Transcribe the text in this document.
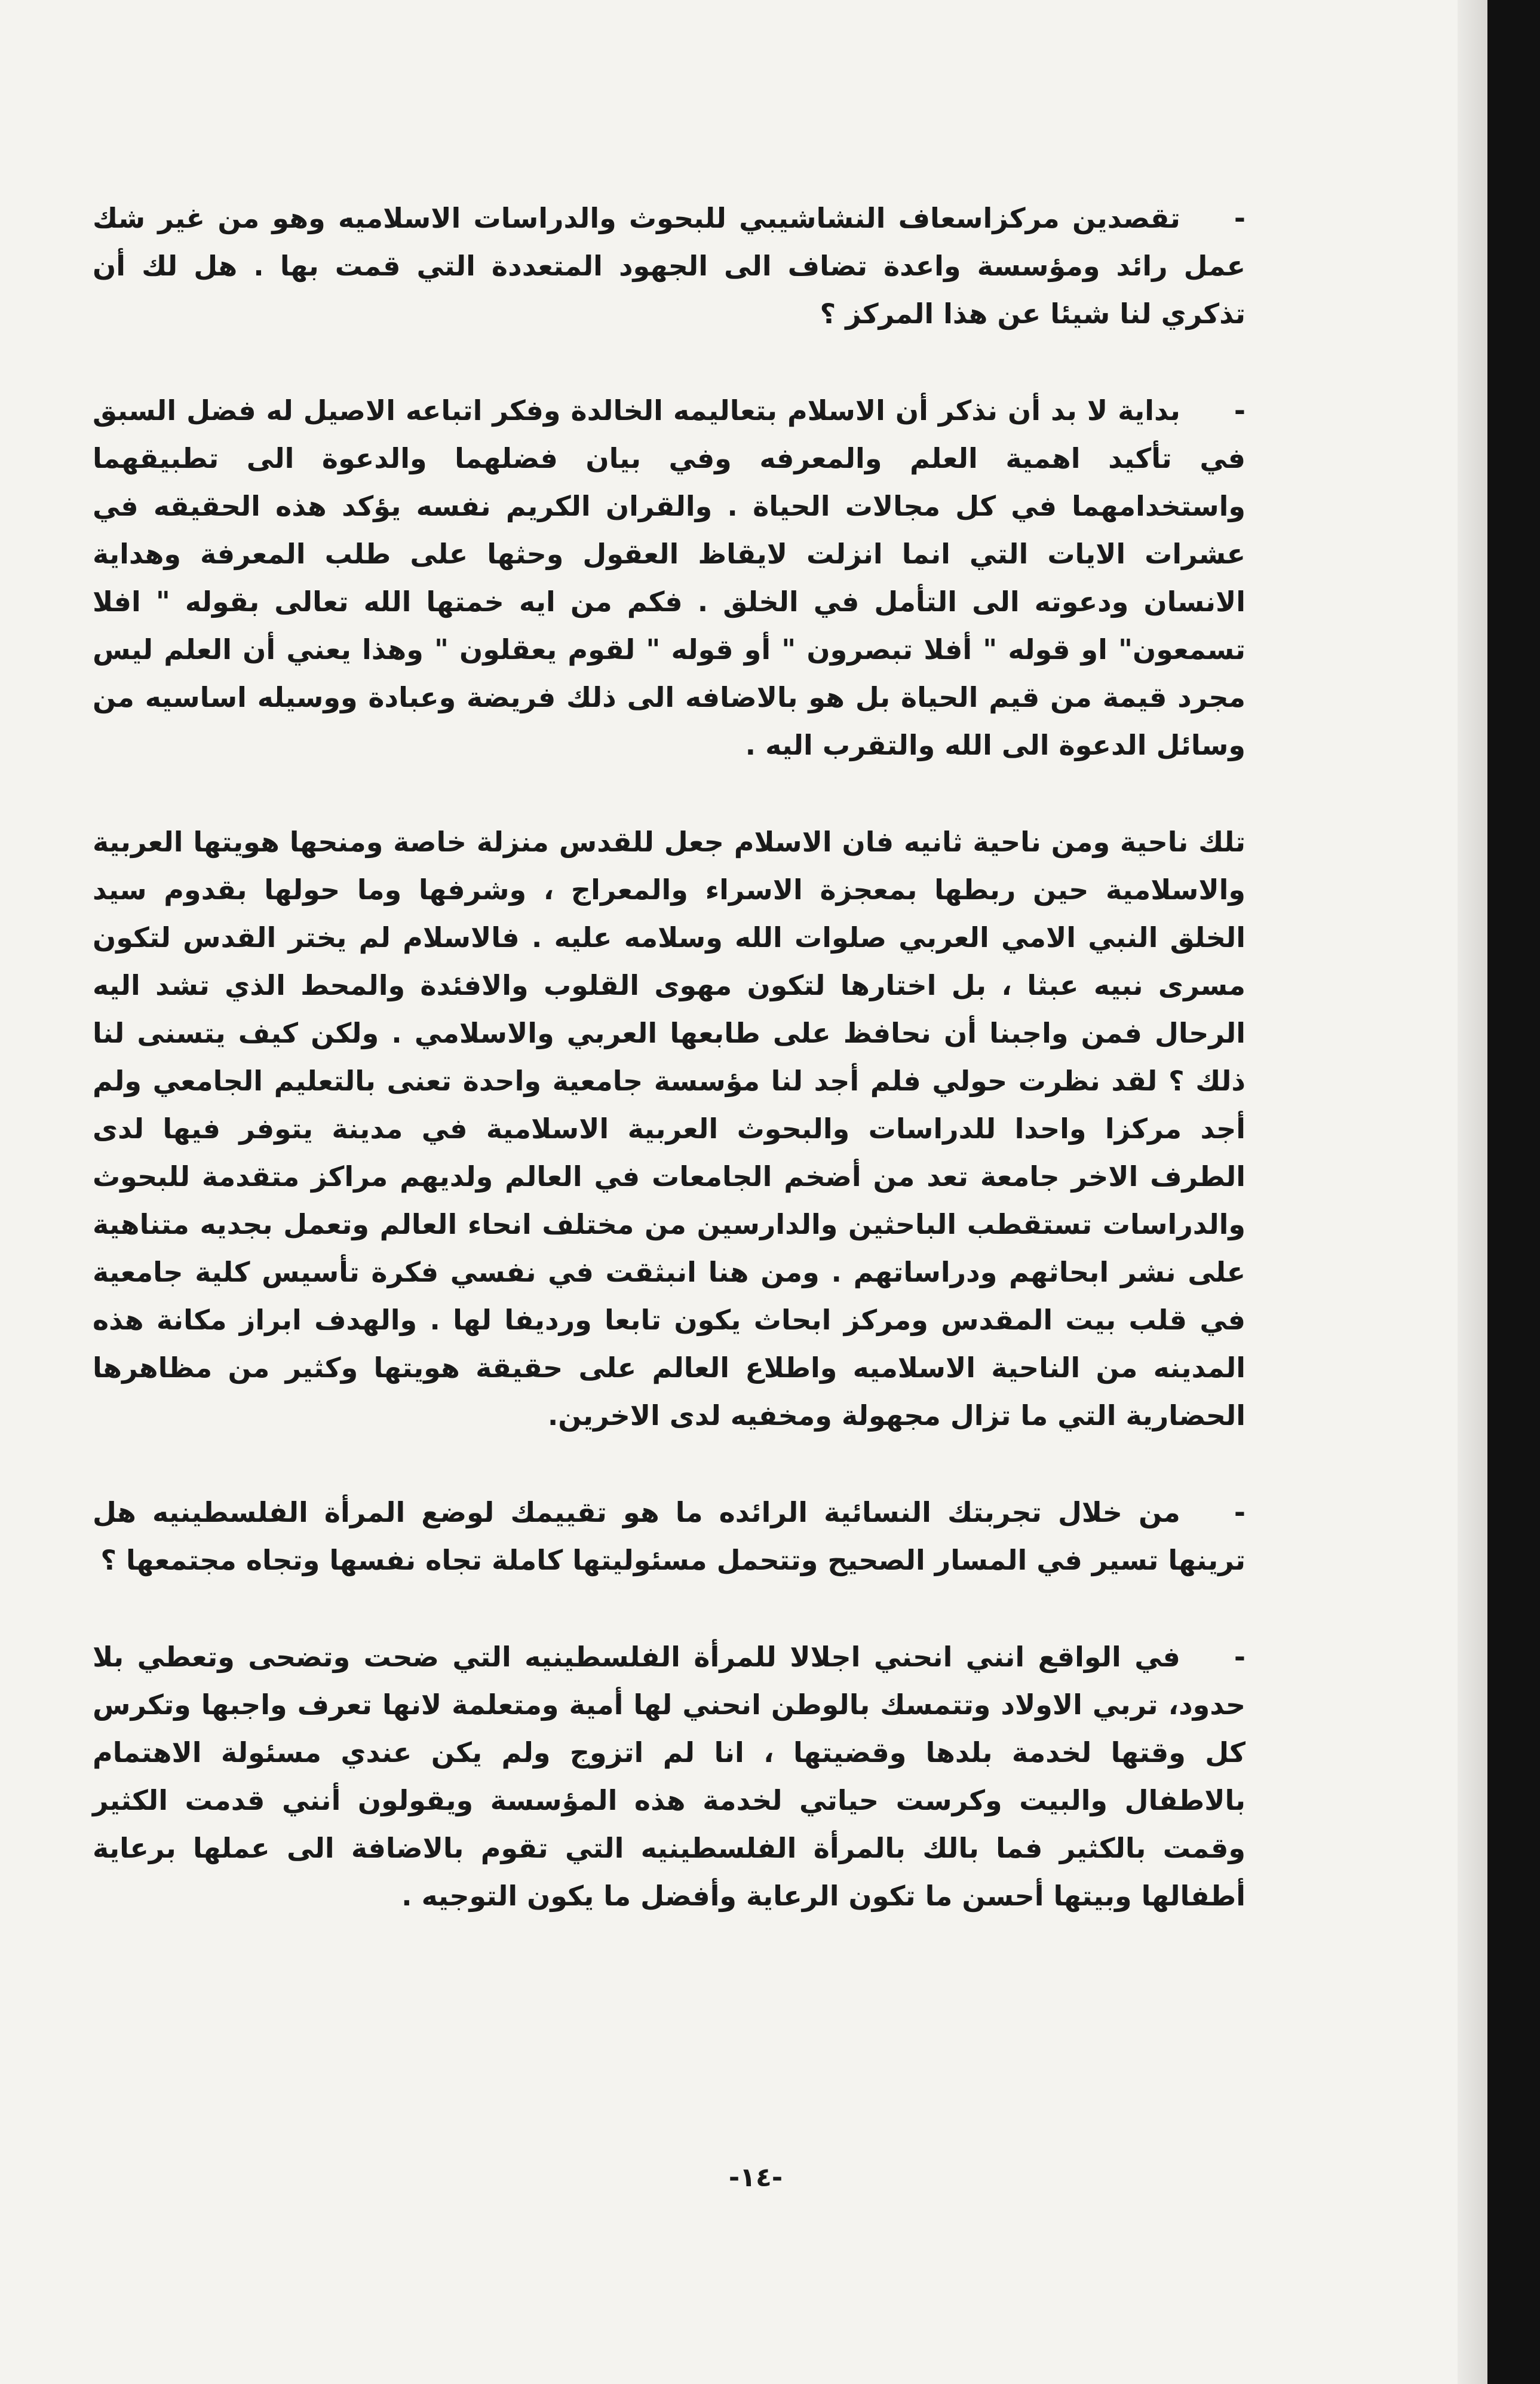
-تقصدين مركزاسعاف النشاشيبي للبحوث والدراسات الاسلاميه وهو من غير شك عمل رائد ومؤسسة واعدة تضاف الى الجهود المتعددة التي قمت بها . هل لك أن تذكري لنا شيئا عن هذا المركز ؟

-بداية لا بد أن نذكر أن الاسلام بتعاليمه الخالدة وفكر اتباعه الاصيل له فضل السبق في تأكيد اهمية العلم والمعرفه وفي بيان فضلهما والدعوة الى تطبيقهما واستخدامهما في كل مجالات الحياة . والقران الكريم نفسه يؤكد هذه الحقيقه في عشرات الايات التي انما انزلت لايقاظ العقول وحثها على طلب المعرفة وهداية الانسان ودعوته الى التأمل في الخلق . فكم من ايه خمتها الله تعالى بقوله " افلا تسمعون" او قوله " أفلا تبصرون " أو قوله " لقوم يعقلون " وهذا يعني أن العلم ليس مجرد قيمة من قيم الحياة بل هو بالاضافه الى ذلك فريضة وعبادة ووسيله اساسيه من وسائل الدعوة الى الله والتقرب اليه .

تلك ناحية ومن ناحية ثانيه فان الاسلام جعل للقدس منزلة خاصة ومنحها هويتها العربية والاسلامية حين ربطها بمعجزة الاسراء والمعراج ، وشرفها وما حولها بقدوم سيد الخلق النبي الامي العربي صلوات الله وسلامه عليه . فالاسلام لم يختر القدس لتكون مسرى نبيه عبثا ، بل اختارها لتكون مهوى القلوب والافئدة والمحط الذي تشد اليه الرحال فمن واجبنا أن نحافظ على طابعها العربي والاسلامي . ولكن كيف يتسنى لنا ذلك ؟ لقد نظرت حولي فلم أجد لنا مؤسسة جامعية واحدة تعنى بالتعليم الجامعي ولم أجد مركزا واحدا للدراسات والبحوث العربية الاسلامية في مدينة يتوفر فيها لدى الطرف الاخر جامعة تعد من أضخم الجامعات في العالم ولديهم مراكز متقدمة للبحوث والدراسات تستقطب الباحثين والدارسين من مختلف انحاء العالم وتعمل بجديه متناهية على نشر ابحاثهم ودراساتهم . ومن هنا انبثقت في نفسي فكرة تأسيس كلية جامعية في قلب بيت المقدس ومركز ابحاث يكون تابعا ورديفا لها . والهدف ابراز مكانة هذه المدينه من الناحية الاسلاميه واطلاع العالم على حقيقة هويتها وكثير من مظاهرها الحضارية التي ما تزال مجهولة ومخفيه لدى الاخرين.

-من خلال تجربتك النسائية الرائده ما هو تقييمك لوضع المرأة الفلسطينيه هل ترينها تسير في المسار الصحيح وتتحمل مسئوليتها كاملة تجاه نفسها وتجاه مجتمعها ؟

-في الواقع انني انحني اجلالا للمرأة الفلسطينيه التي ضحت وتضحى وتعطي بلا حدود، تربي الاولاد وتتمسك بالوطن انحني لها أمية ومتعلمة لانها تعرف واجبها وتكرس كل وقتها لخدمة بلدها وقضيتها ، انا لم اتزوج ولم يكن عندي مسئولة الاهتمام بالاطفال والبيت وكرست حياتي لخدمة هذه المؤسسة ويقولون أنني قدمت الكثير وقمت بالكثير فما بالك بالمرأة الفلسطينيه التي تقوم بالاضافة الى عملها برعاية أطفالها وبيتها أحسن ما تكون الرعاية وأفضل ما يكون التوجيه .

-١٤-
